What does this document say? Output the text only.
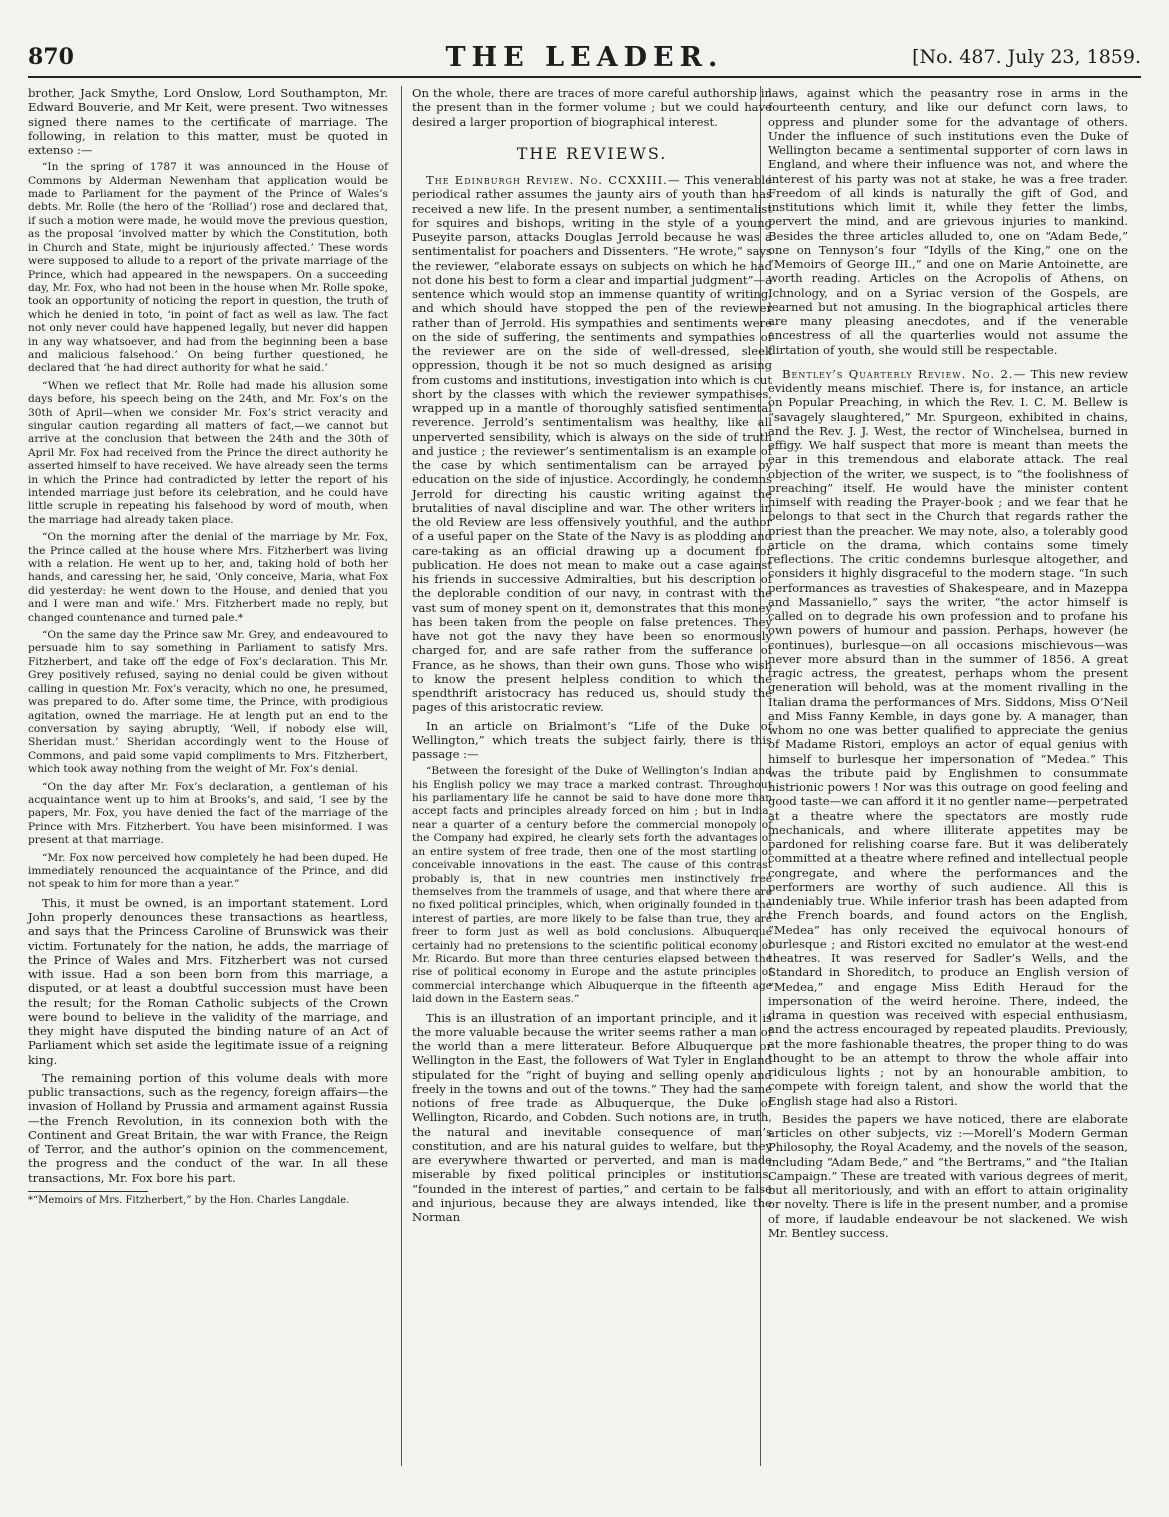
870	THE LEADER.	[No. 487. July 23, 1859.

brother, Jack Smythe, Lord Onslow, Lord Southampton, Mr. Edward Bouverie, and Mr Keit, were present. Two witnesses signed there names to the certificate of marriage. The following, in relation to this matter, must be quoted in extenso :—

“In the spring of 1787 it was announced in the House of Commons by Alderman Newenham that application would be made to Parliament for the payment of the Prince of Wales’s debts. Mr. Rolle (the hero of the ‘Rolliad’) rose and declared that, if such a motion were made, he would move the previous question, as the proposal ‘involved matter by which the Constitution, both in Church and State, might be injuriously affected.’ These words were supposed to allude to a report of the private marriage of the Prince, which had appeared in the newspapers. On a succeeding day, Mr. Fox, who had not been in the house when Mr. Rolle spoke, took an opportunity of noticing the report in question, the truth of which he denied in toto, ‘in point of fact as well as law. The fact not only never could have happened legally, but never did happen in any way whatsoever, and had from the beginning been a base and malicious falsehood.’ On being further questioned, he declared that ‘he had direct authority for what he said.’

“When we reflect that Mr. Rolle had made his allusion some days before, his speech being on the 24th, and Mr. Fox’s on the 30th of April—when we consider Mr. Fox’s strict veracity and singular caution regarding all matters of fact,—we cannot but arrive at the conclusion that between the 24th and the 30th of April Mr. Fox had received from the Prince the direct authority he asserted himself to have received. We have already seen the terms in which the Prince had contradicted by letter the report of his intended marriage just before its celebration, and he could have little scruple in repeating his falsehood by word of mouth, when the marriage had already taken place.

“On the morning after the denial of the marriage by Mr. Fox, the Prince called at the house where Mrs. Fitzherbert was living with a relation. He went up to her, and, taking hold of both her hands, and caressing her, he said, ‘Only conceive, Maria, what Fox did yesterday: he went down to the House, and denied that you and I were man and wife.’ Mrs. Fitzherbert made no reply, but changed countenance and turned pale.*

“On the same day the Prince saw Mr. Grey, and endeavoured to persuade him to say something in Parliament to satisfy Mrs. Fitzherbert, and take off the edge of Fox’s declaration. This Mr. Grey positively refused, saying no denial could be given without calling in question Mr. Fox’s veracity, which no one, he presumed, was prepared to do. After some time, the Prince, with prodigious agitation, owned the marriage. He at length put an end to the conversation by saying abruptly, ‘Well, if nobody else will, Sheridan must.’ Sheridan accordingly went to the House of Commons, and paid some vapid compliments to Mrs. Fitzherbert, which took away nothing from the weight of Mr. Fox’s denial.

“On the day after Mr. Fox’s declaration, a gentleman of his acquaintance went up to him at Brooks’s, and said, ‘I see by the papers, Mr. Fox, you have denied the fact of the marriage of the Prince with Mrs. Fitzherbert. You have been misinformed. I was present at that marriage.

“Mr. Fox now perceived how completely he had been duped. He immediately renounced the acquaintance of the Prince, and did not speak to him for more than a year.”

This, it must be owned, is an important statement. Lord John properly denounces these transactions as heartless, and says that the Princess Caroline of Brunswick was their victim. Fortunately for the nation, he adds, the marriage of the Prince of Wales and Mrs. Fitzherbert was not cursed with issue. Had a son been born from this marriage, a disputed, or at least a doubtful succession must have been the result; for the Roman Catholic subjects of the Crown were bound to believe in the validity of the marriage, and they might have disputed the binding nature of an Act of Parliament which set aside the legitimate issue of a reigning king.

The remaining portion of this volume deals with more public transactions, such as the regency, foreign affairs—the invasion of Holland by Prussia and armament against Russia—the French Revolution, in its connexion both with the Continent and Great Britain, the war with France, the Reign of Terror, and the author’s opinion on the commencement, the progress and the conduct of the war. In all these transactions, Mr. Fox bore his part.

*“Memoirs of Mrs. Fitzherbert,” by the Hon. Charles Langdale.

On the whole, there are traces of more careful authorship in the present than in the former volume ; but we could have desired a larger proportion of biographical interest.

THE REVIEWS.

The Edinburgh Review. No. CCXXIII.— This venerable periodical rather assumes the jaunty airs of youth than has received a new life. In the present number, a sentimentalist for squires and bishops, writing in the style of a young Puseyite parson, attacks Douglas Jerrold because he was a sentimentalist for poachers and Dissenters. “He wrote,” says the reviewer, “elaborate essays on subjects on which he had not done his best to form a clear and impartial judgment”—a sentence which would stop an immense quantity of writing, and which should have stopped the pen of the reviewer rather than of Jerrold. His sympathies and sentiments were on the side of suffering, the sentiments and sympathies of the reviewer are on the side of well-dressed, sleek oppression, though it be not so much designed as arising from customs and institutions, investigation into which is cut short by the classes with which the reviewer sympathises, wrapped up in a mantle of thoroughly satisfied sentimental reverence. Jerrold’s sentimentalism was healthy, like all unperverted sensibility, which is always on the side of truth and justice ; the reviewer’s sentimentalism is an example of the case by which sentimentalism can be arrayed by education on the side of injustice. Accordingly, he condemns Jerrold for directing his caustic writing against the brutalities of naval discipline and war. The other writers in the old Review are less offensively youthful, and the author of a useful paper on the State of the Navy is as plodding and care-taking as an official drawing up a document for publication. He does not mean to make out a case against his friends in successive Admiralties, but his description of the deplorable condition of our navy, in contrast with the vast sum of money spent on it, demonstrates that this money has been taken from the people on false pretences. They have not got the navy they have been so enormously charged for, and are safe rather from the sufferance of France, as he shows, than their own guns. Those who wish to know the present helpless condition to which the spendthrift aristocracy has reduced us, should study the pages of this aristocratic review.

In an article on Brialmont’s “Life of the Duke of Wellington,” which treats the subject fairly, there is this passage :—

“Between the foresight of the Duke of Wellington’s Indian and his English policy we may trace a marked contrast. Throughout his parliamentary life he cannot be said to have done more than accept facts and principles already forced on him ; but in India, near a quarter of a century before the commercial monopoly of the Company had expired, he clearly sets forth the advantages of an entire system of free trade, then one of the most startling of conceivable innovations in the east. The cause of this contrast probably is, that in new countries men instinctively free themselves from the trammels of usage, and that where there are no fixed political principles, which, when originally founded in the interest of parties, are more likely to be false than true, they are freer to form just as well as bold conclusions. Albuquerque certainly had no pretensions to the scientific political economy of Mr. Ricardo. But more than three centuries elapsed between the rise of political economy in Europe and the astute principles of commercial interchange which Albuquerque in the fifteenth age laid down in the Eastern seas.”

This is an illustration of an important principle, and it is the more valuable because the writer seems rather a man of the world than a mere litterateur. Before Albuquerque or Wellington in the East, the followers of Wat Tyler in England stipulated for the “right of buying and selling openly and freely in the towns and out of the towns.” They had the same notions of free trade as Albuquerque, the Duke of Wellington, Ricardo, and Cobden. Such notions are, in truth, the natural and inevitable consequence of man’s constitution, and are his natural guides to welfare, but they are everywhere thwarted or perverted, and man is made miserable by fixed political principles or institutions, “founded in the interest of parties,” and certain to be false and injurious, because they are always intended, like the Norman

laws, against which the peasantry rose in arms in the fourteenth century, and like our defunct corn laws, to oppress and plunder some for the advantage of others. Under the influence of such institutions even the Duke of Wellington became a sentimental supporter of corn laws in England, and where their influence was not, and where the interest of his party was not at stake, he was a free trader. Freedom of all kinds is naturally the gift of God, and institutions which limit it, while they fetter the limbs, pervert the mind, and are grievous injuries to mankind. Besides the three articles alluded to, one on “Adam Bede,” one on Tennyson’s four “Idylls of the King,” one on the “Memoirs of George III.,” and one on Marie Antoinette, are worth reading. Articles on the Acropolis of Athens, on Ichnology, and on a Syriac version of the Gospels, are learned but not amusing. In the biographical articles there are many pleasing anecdotes, and if the venerable ancestress of all the quarterlies would not assume the flirtation of youth, she would still be respectable.

Bentley’s Quarterly Review. No. 2.— This new review evidently means mischief. There is, for instance, an article on Popular Preaching, in which the Rev. I. C. M. Bellew is “savagely slaughtered,” Mr. Spurgeon, exhibited in chains, and the Rev. J. J. West, the rector of Winchelsea, burned in effigy. We half suspect that more is meant than meets the ear in this tremendous and elaborate attack. The real objection of the writer, we suspect, is to “the foolishness of preaching” itself. He would have the minister content himself with reading the Prayer-book ; and we fear that he belongs to that sect in the Church that regards rather the priest than the preacher. We may note, also, a tolerably good article on the drama, which contains some timely reflections. The critic condemns burlesque altogether, and considers it highly disgraceful to the modern stage. “In such performances as travesties of Shakespeare, and in Mazeppa and Massaniello,” says the writer, “the actor himself is called on to degrade his own profession and to profane his own powers of humour and passion. Perhaps, however (he continues), burlesque—on all occasions mischievous—was never more absurd than in the summer of 1856. A great tragic actress, the greatest, perhaps whom the present generation will behold, was at the moment rivalling in the Italian drama the performances of Mrs. Siddons, Miss O’Neil and Miss Fanny Kemble, in days gone by. A manager, than whom no one was better qualified to appreciate the genius of Madame Ristori, employs an actor of equal genius with himself to burlesque her impersonation of “Medea.” This was the tribute paid by Englishmen to consummate histrionic powers ! Nor was this outrage on good feeling and good taste—we can afford it it no gentler name—perpetrated at a theatre where the spectators are mostly rude mechanicals, and where illiterate appetites may be pardoned for relishing coarse fare. But it was deliberately committed at a theatre where refined and intellectual people congregate, and where the performances and the performers are worthy of such audience. All this is undeniably true. While inferior trash has been adapted from the French boards, and found actors on the English, “Medea” has only received the equivocal honours of burlesque ; and Ristori excited no emulator at the west-end theatres. It was reserved for Sadler’s Wells, and the Standard in Shoreditch, to produce an English version of “Medea,” and engage Miss Edith Heraud for the impersonation of the weird heroine. There, indeed, the drama in question was received with especial enthusiasm, and the actress encouraged by repeated plaudits. Previously, at the more fashionable theatres, the proper thing to do was thought to be an attempt to throw the whole affair into ridiculous lights ; not by an honourable ambition, to compete with foreign talent, and show the world that the English stage had also a Ristori.

Besides the papers we have noticed, there are elaborate articles on other subjects, viz :—Morell’s Modern German Philosophy, the Royal Academy, and the novels of the season, including “Adam Bede,” and “the Bertrams,” and “the Italian Campaign.” These are treated with various degrees of merit, but all meritoriously, and with an effort to attain originality or novelty. There is life in the present number, and a promise of more, if laudable endeavour be not slackened. We wish Mr. Bentley success.
